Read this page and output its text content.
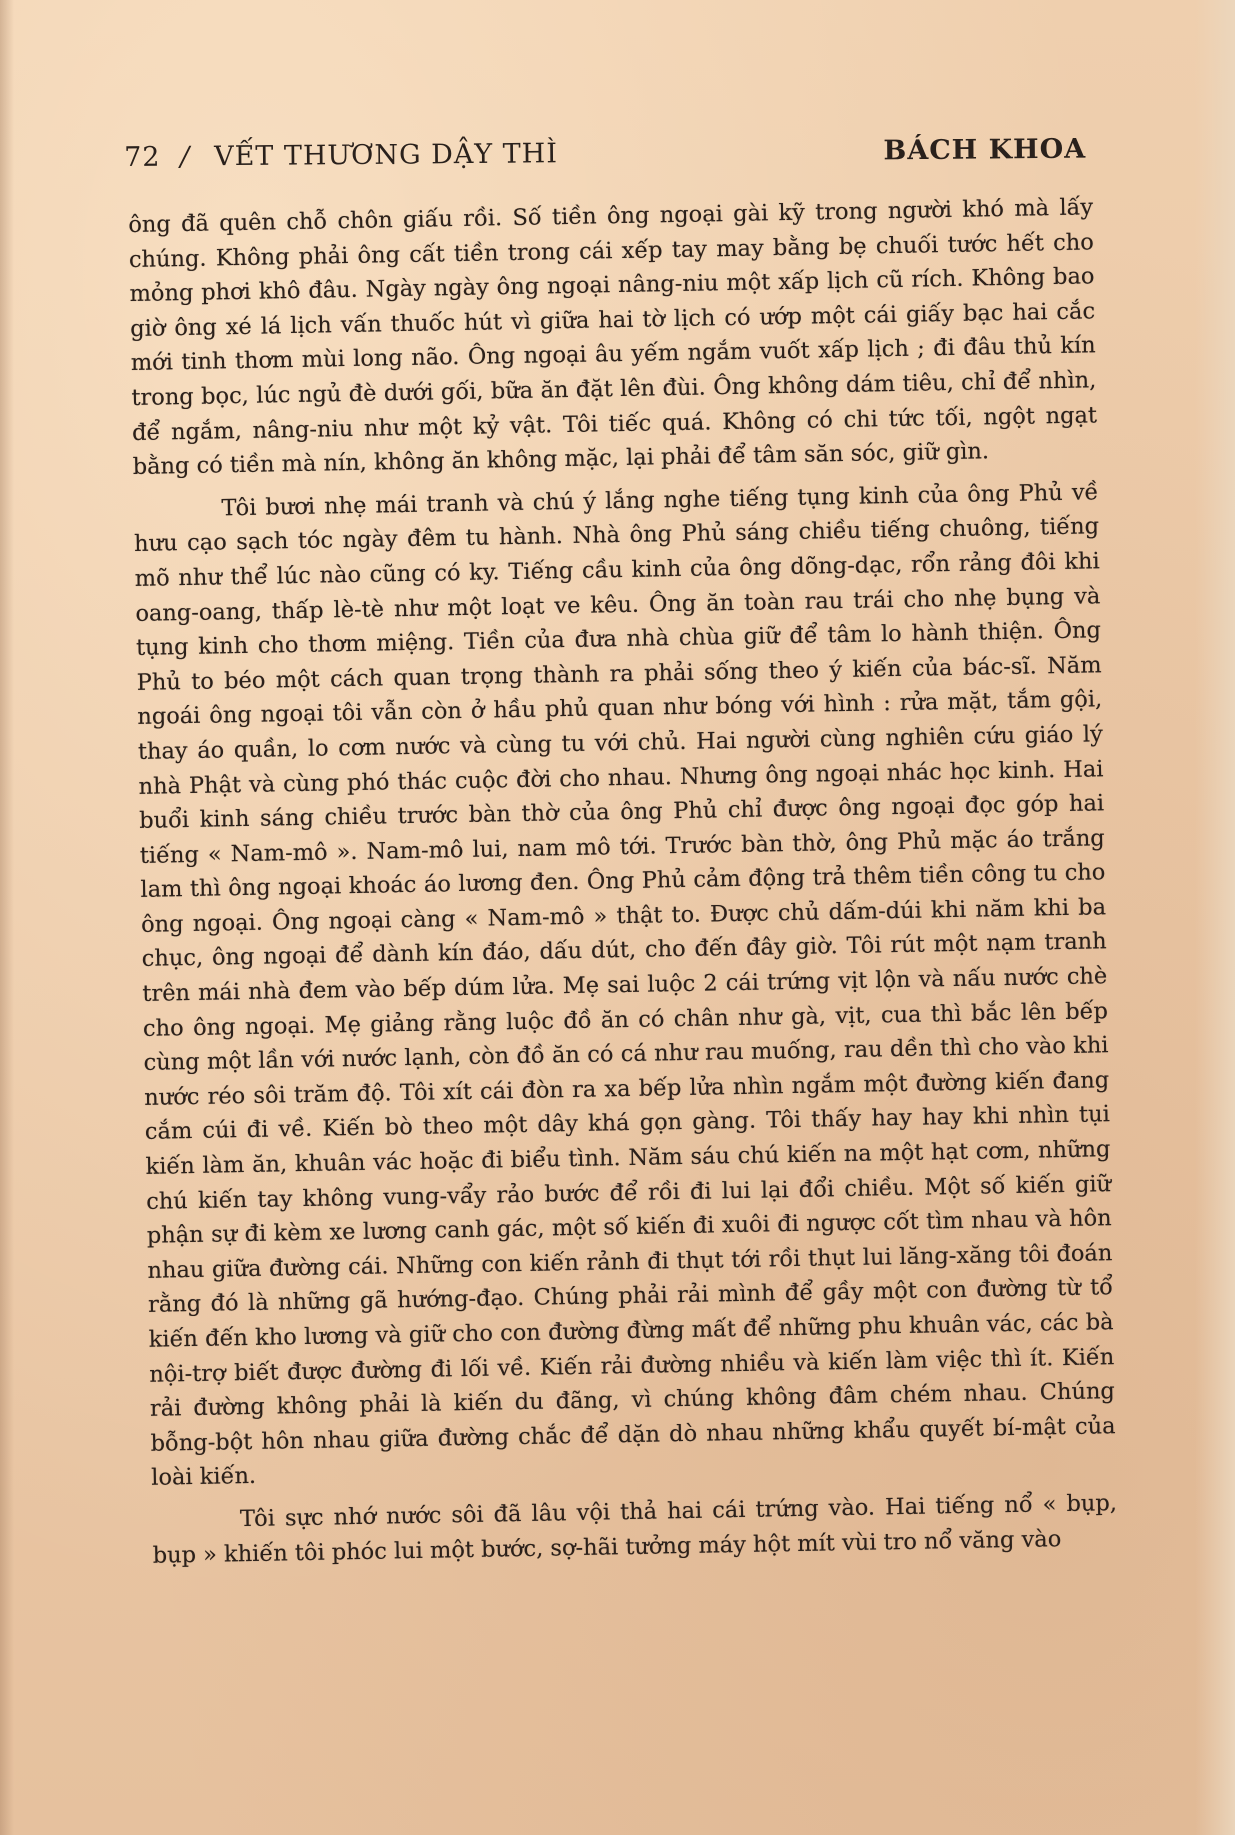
72 / VẾT THƯƠNG DẬY THÌ	BÁCH KHOA

ông đã quên chỗ chôn giấu rồi. Số tiền ông ngoại gài kỹ trong người khó mà lấy chúng. Không phải ông cất tiền trong cái xếp tay may bằng bẹ chuối tước hết cho mỏng phơi khô đâu. Ngày ngày ông ngoại nâng-niu một xấp lịch cũ rích. Không bao giờ ông xé lá lịch vấn thuốc hút vì giữa hai tờ lịch có ướp một cái giấy bạc hai cắc mới tinh thơm mùi long não. Ông ngoại âu yếm ngắm vuốt xấp lịch ; đi đâu thủ kín trong bọc, lúc ngủ đè dưới gối, bữa ăn đặt lên đùi. Ông không dám tiêu, chỉ để nhìn, để ngắm, nâng-niu như một kỷ vật. Tôi tiếc quá. Không có chi tức tối, ngột ngạt bằng có tiền mà nín, không ăn không mặc, lại phải để tâm săn sóc, giữ gìn.

Tôi bươi nhẹ mái tranh và chú ý lắng nghe tiếng tụng kinh của ông Phủ về hưu cạo sạch tóc ngày đêm tu hành. Nhà ông Phủ sáng chiều tiếng chuông, tiếng mõ như thể lúc nào cũng có ky. Tiếng cầu kinh của ông dõng-dạc, rổn rảng đôi khi oang-oang, thấp lè-tè như một loạt ve kêu. Ông ăn toàn rau trái cho nhẹ bụng và tụng kinh cho thơm miệng. Tiền của đưa nhà chùa giữ để tâm lo hành thiện. Ông Phủ to béo một cách quan trọng thành ra phải sống theo ý kiến của bác-sĩ. Năm ngoái ông ngoại tôi vẫn còn ở hầu phủ quan như bóng với hình : rửa mặt, tắm gội, thay áo quần, lo cơm nước và cùng tu với chủ. Hai người cùng nghiên cứu giáo lý nhà Phật và cùng phó thác cuộc đời cho nhau. Nhưng ông ngoại nhác học kinh. Hai buổi kinh sáng chiều trước bàn thờ của ông Phủ chỉ được ông ngoại đọc góp hai tiếng « Nam-mô ». Nam-mô lui, nam mô tới. Trước bàn thờ, ông Phủ mặc áo trắng lam thì ông ngoại khoác áo lương đen. Ông Phủ cảm động trả thêm tiền công tu cho ông ngoại. Ông ngoại càng « Nam-mô » thật to. Được chủ dấm-dúi khi năm khi ba chục, ông ngoại để dành kín đáo, dấu dút, cho đến đây giờ. Tôi rút một nạm tranh trên mái nhà đem vào bếp dúm lửa. Mẹ sai luộc 2 cái trứng vịt lộn và nấu nước chè cho ông ngoại. Mẹ giảng rằng luộc đồ ăn có chân như gà, vịt, cua thì bắc lên bếp cùng một lần với nước lạnh, còn đồ ăn có cá như rau muống, rau dền thì cho vào khi nước réo sôi trăm độ. Tôi xít cái đòn ra xa bếp lửa nhìn ngắm một đường kiến đang cắm cúi đi về. Kiến bò theo một dây khá gọn gàng. Tôi thấy hay hay khi nhìn tụi kiến làm ăn, khuân vác hoặc đi biểu tình. Năm sáu chú kiến na một hạt cơm, những chú kiến tay không vung-vẩy rảo bước để rồi đi lui lại đổi chiều. Một số kiến giữ phận sự đi kèm xe lương canh gác, một số kiến đi xuôi đi ngược cốt tìm nhau và hôn nhau giữa đường cái. Những con kiến rảnh đi thụt tới rồi thụt lui lăng-xăng tôi đoán rằng đó là những gã hướng-đạo. Chúng phải rải mình để gầy một con đường từ tổ kiến đến kho lương và giữ cho con đường đừng mất để những phu khuân vác, các bà nội-trợ biết được đường đi lối về. Kiến rải đường nhiều và kiến làm việc thì ít. Kiến rải đường không phải là kiến du đãng, vì chúng không đâm chém nhau. Chúng bỗng-bột hôn nhau giữa đường chắc để dặn dò nhau những khẩu quyết bí-mật của loài kiến.

Tôi sực nhớ nước sôi đã lâu vội thả hai cái trứng vào. Hai tiếng nổ « bụp, bụp » khiến tôi phóc lui một bước, sợ-hãi tưởng máy hột mít vùi tro nổ văng vào
